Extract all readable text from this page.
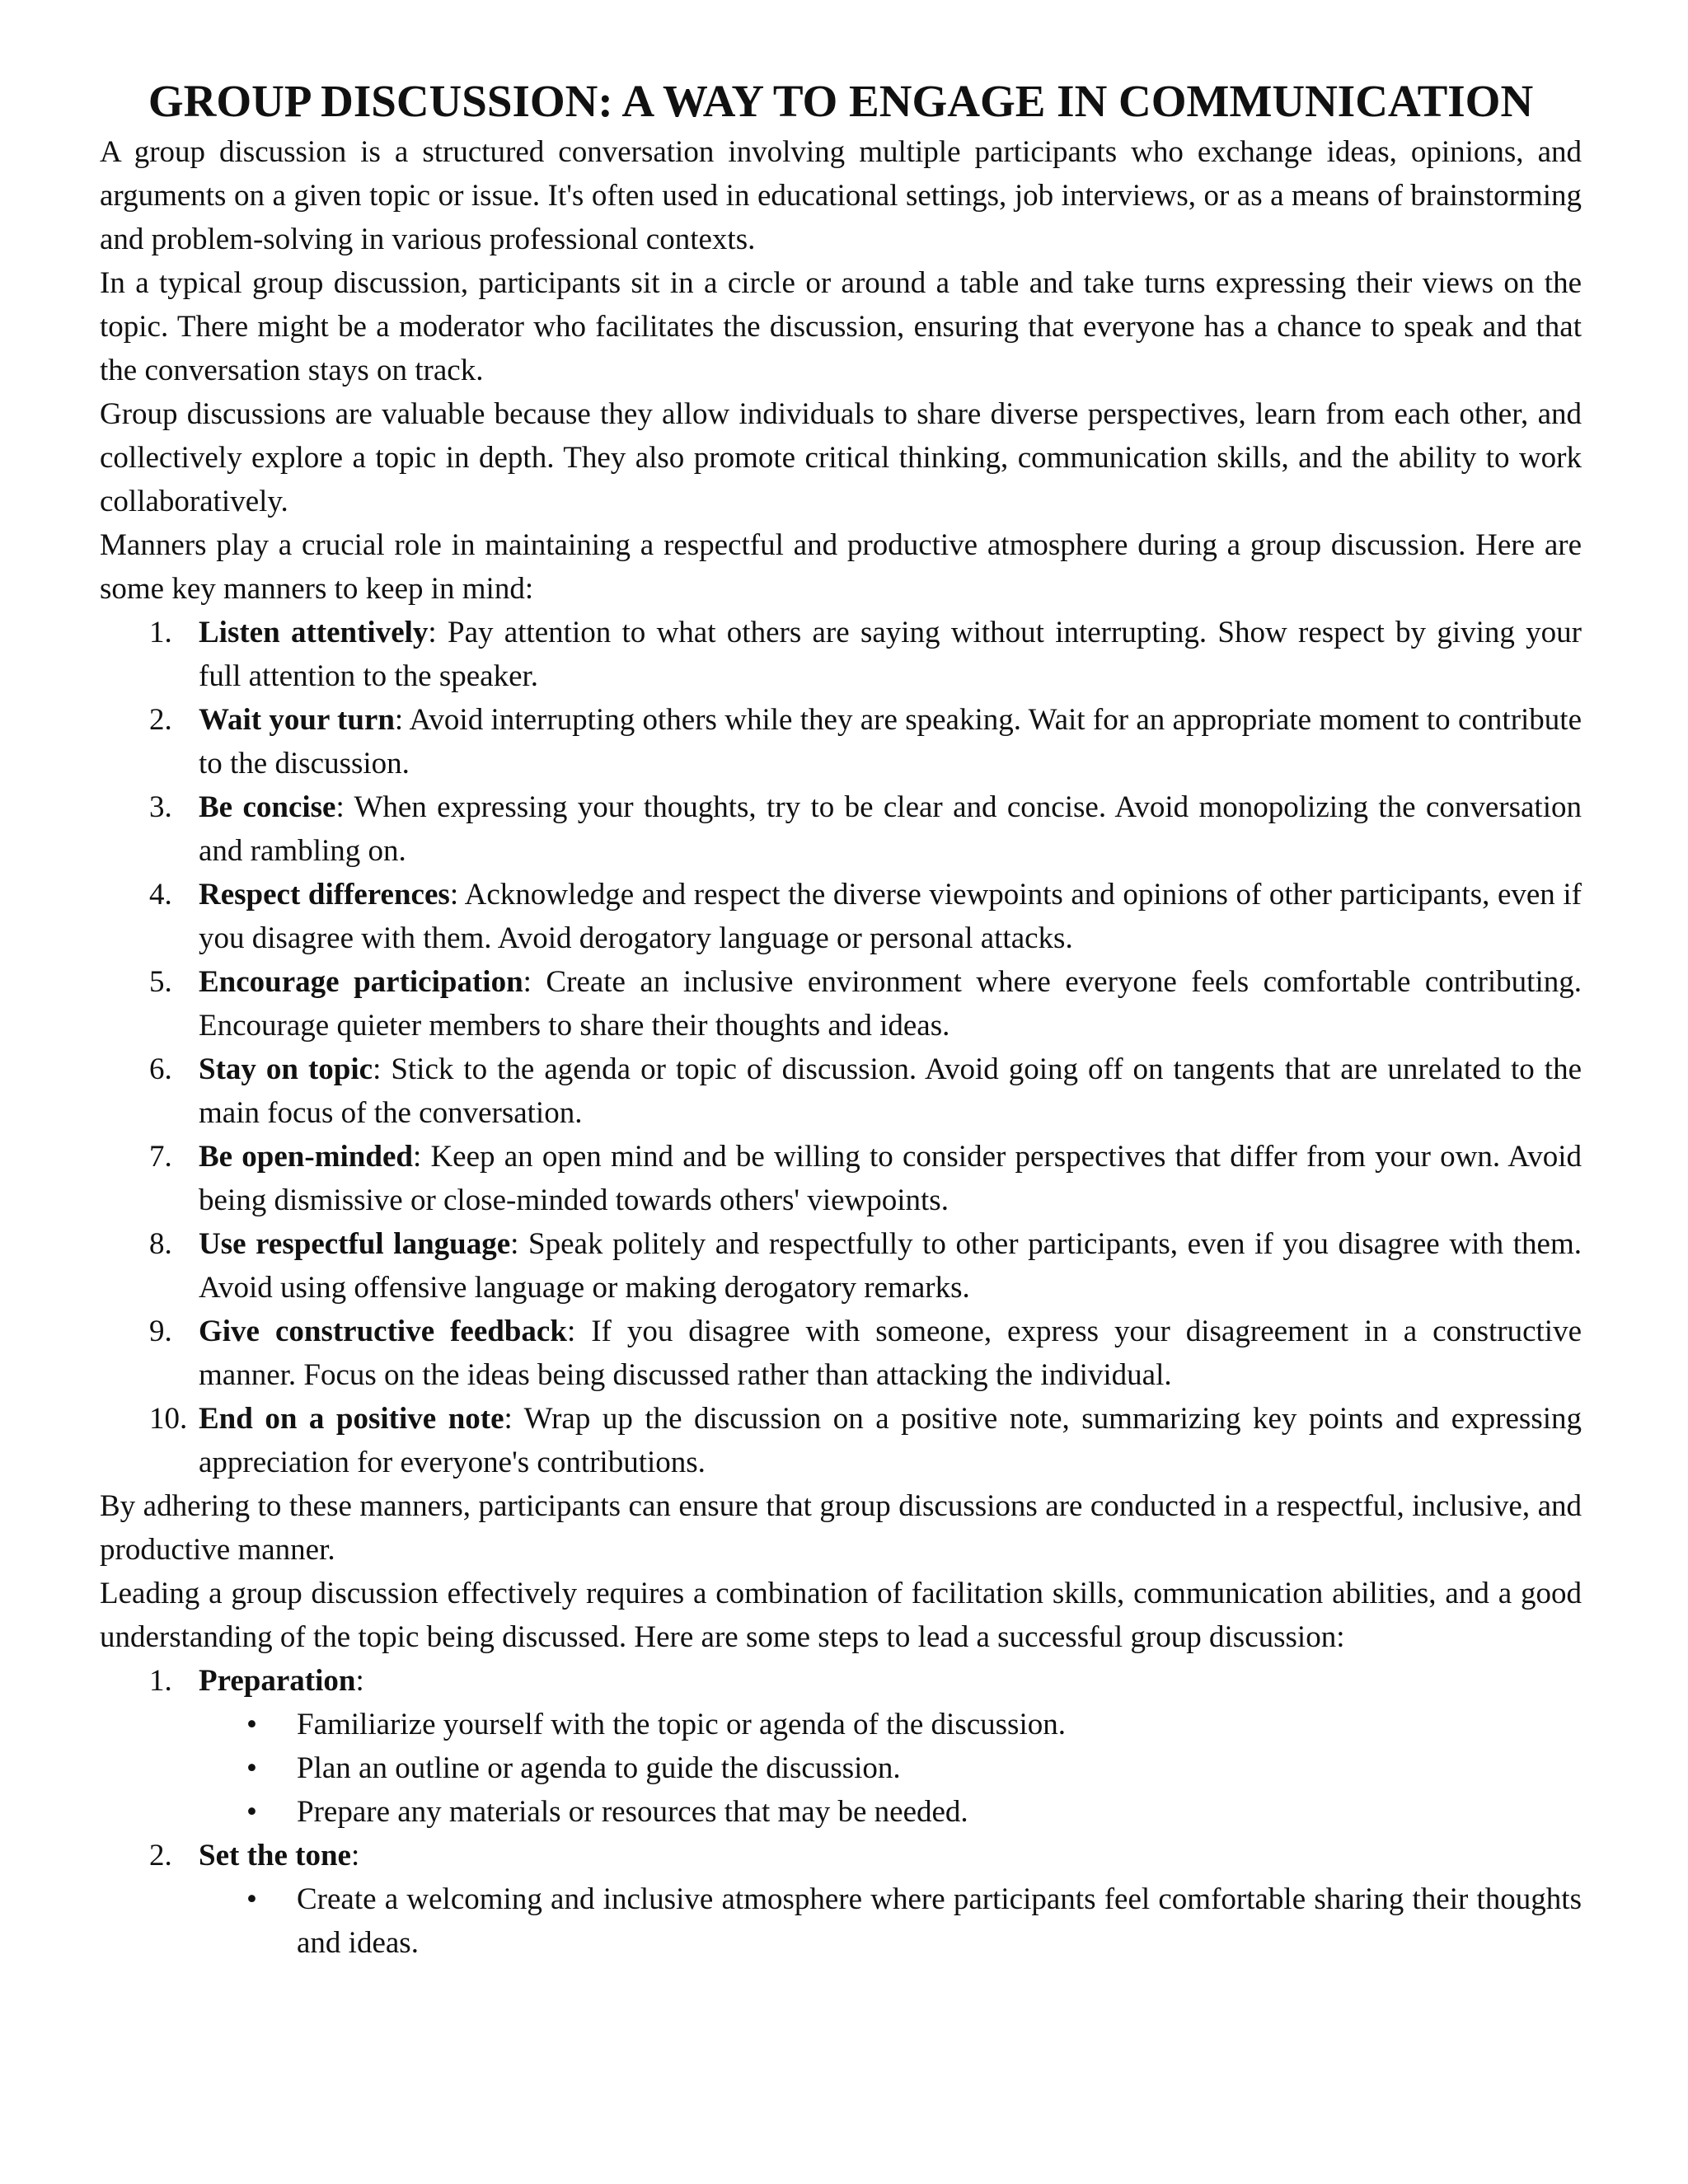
GROUP DISCUSSION: A WAY TO ENGAGE IN COMMUNICATION

A group discussion is a structured conversation involving multiple participants who exchange ideas, opinions, and arguments on a given topic or issue. It's often used in educational settings, job interviews, or as a means of brainstorming and problem-solving in various professional contexts.

In a typical group discussion, participants sit in a circle or around a table and take turns expressing their views on the topic. There might be a moderator who facilitates the discussion, ensuring that everyone has a chance to speak and that the conversation stays on track.

Group discussions are valuable because they allow individuals to share diverse perspectives, learn from each other, and collectively explore a topic in depth. They also promote critical thinking, communication skills, and the ability to work collaboratively.

Manners play a crucial role in maintaining a respectful and productive atmosphere during a group discussion. Here are some key manners to keep in mind:

1. Listen attentively: Pay attention to what others are saying without interrupting. Show respect by giving your full attention to the speaker.
2. Wait your turn: Avoid interrupting others while they are speaking. Wait for an appropriate moment to contribute to the discussion.
3. Be concise: When expressing your thoughts, try to be clear and concise. Avoid monopolizing the conversation and rambling on.
4. Respect differences: Acknowledge and respect the diverse viewpoints and opinions of other participants, even if you disagree with them. Avoid derogatory language or personal attacks.
5. Encourage participation: Create an inclusive environment where everyone feels comfortable contributing. Encourage quieter members to share their thoughts and ideas.
6. Stay on topic: Stick to the agenda or topic of discussion. Avoid going off on tangents that are unrelated to the main focus of the conversation.
7. Be open-minded: Keep an open mind and be willing to consider perspectives that differ from your own. Avoid being dismissive or close-minded towards others' viewpoints.
8. Use respectful language: Speak politely and respectfully to other participants, even if you disagree with them. Avoid using offensive language or making derogatory remarks.
9. Give constructive feedback: If you disagree with someone, express your disagreement in a constructive manner. Focus on the ideas being discussed rather than attacking the individual.
10. End on a positive note: Wrap up the discussion on a positive note, summarizing key points and expressing appreciation for everyone's contributions.

By adhering to these manners, participants can ensure that group discussions are conducted in a respectful, inclusive, and productive manner.

Leading a group discussion effectively requires a combination of facilitation skills, communication abilities, and a good understanding of the topic being discussed. Here are some steps to lead a successful group discussion:

1. Preparation:
• Familiarize yourself with the topic or agenda of the discussion.
• Plan an outline or agenda to guide the discussion.
• Prepare any materials or resources that may be needed.
2. Set the tone:
• Create a welcoming and inclusive atmosphere where participants feel comfortable sharing their thoughts and ideas.
